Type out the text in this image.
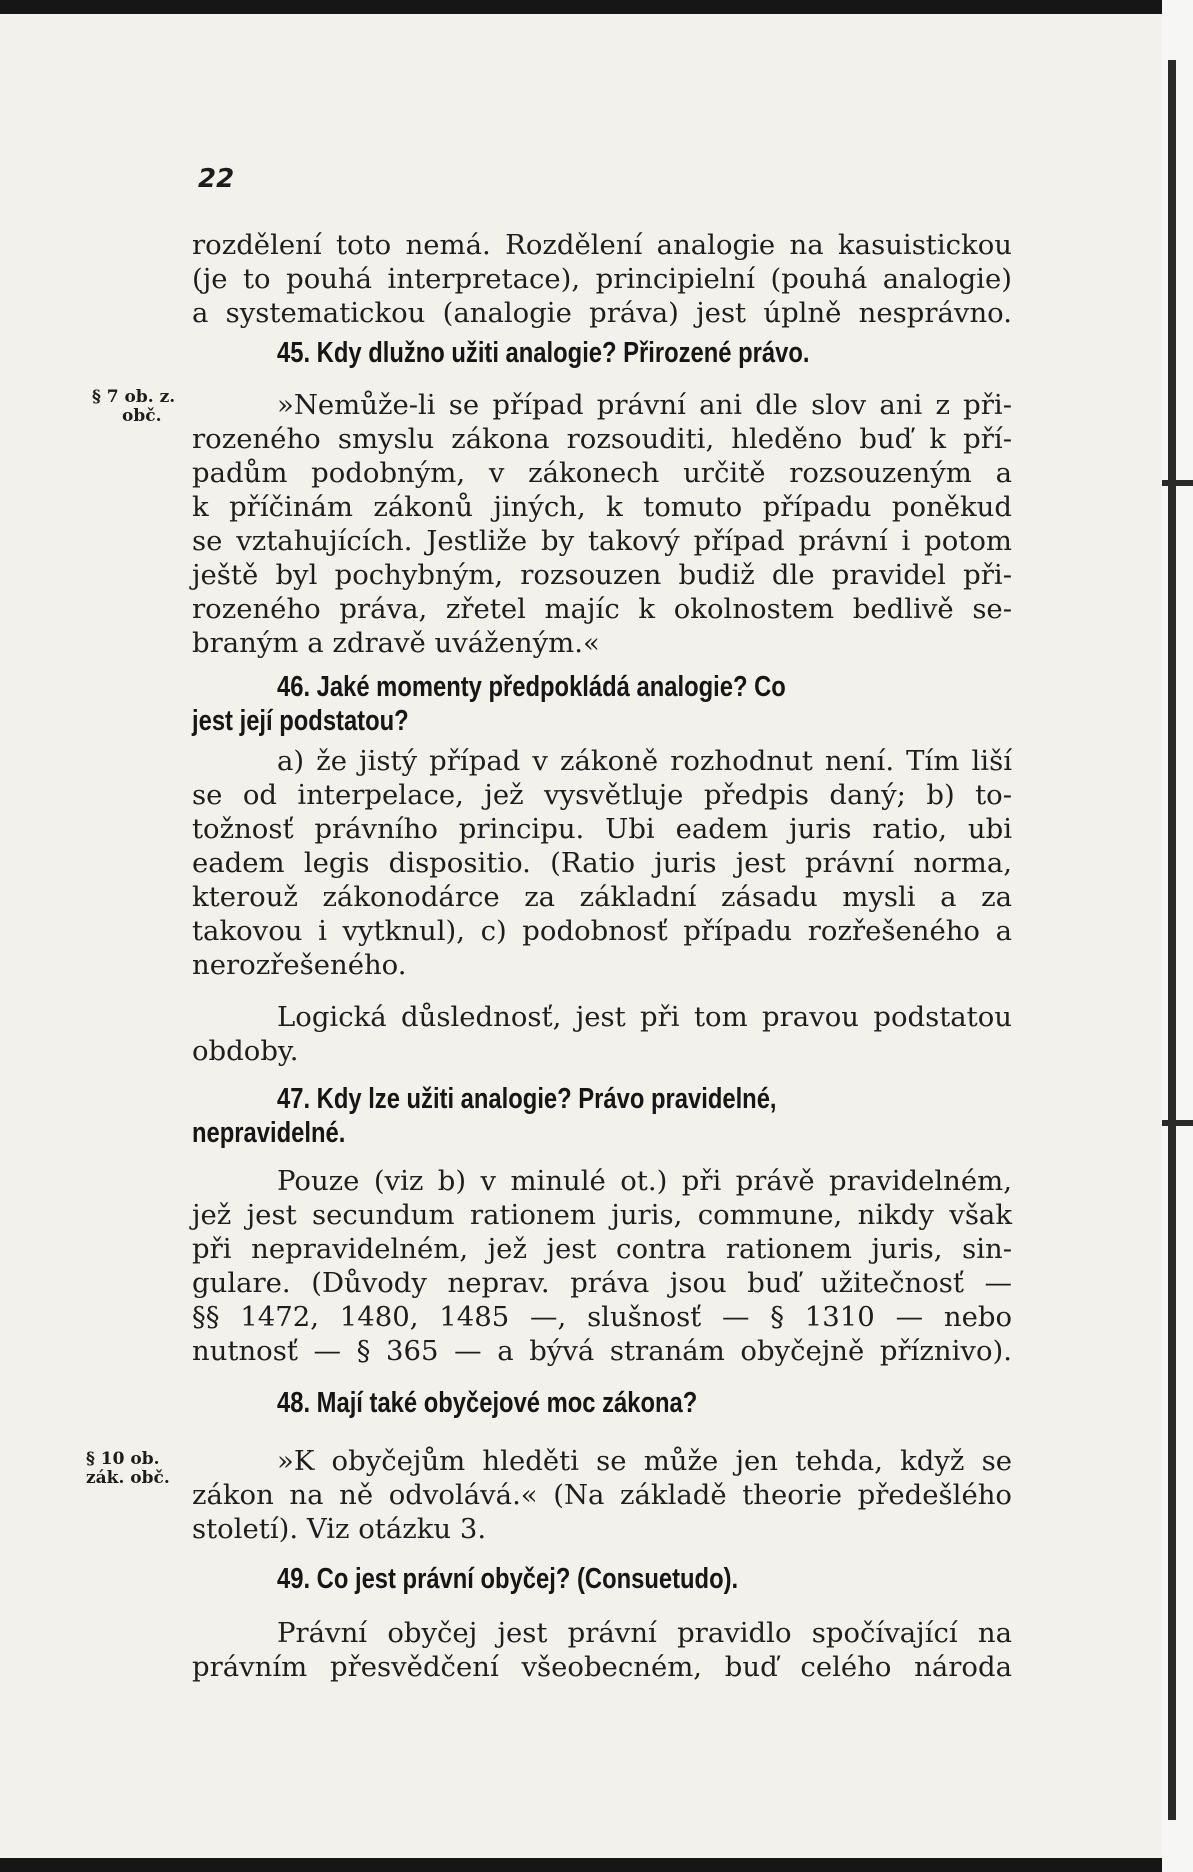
22
rozdělení toto nemá. Rozdělení analogie na kasuistickou
(je to pouhá interpretace), principielní (pouhá analogie)
a systematickou (analogie práva) jest úplně nesprávno.
45. Kdy dlužno užiti analogie? Přirozené právo.
§ 7 ob. z.
obč.	»Nemůže-li se případ právní ani dle slov ani z při-
rozeného smyslu zákona rozsouditi, hleděno buď k pří-
padům podobným, v zákonech určitě rozsouzeným a
k příčinám zákonů jiných, k tomuto případu poněkud
se vztahujících. Jestliže by takový případ právní i potom
ještě byl pochybným, rozsouzen budiž dle pravidel při-
rozeného práva, zřetel majíc k okolnostem bedlivě se-
braným a zdravě uváženým.«
46. Jaké momenty předpokládá analogie? Co
jest její podstatou?
a) že jistý případ v zákoně rozhodnut není. Tím liší
se od interpelace, jež vysvětluje předpis daný; b) to-
tožnosť právního principu. Ubi eadem juris ratio, ubi
eadem legis dispositio. (Ratio juris jest právní norma,
kterouž zákonodárce za základní zásadu mysli a za
takovou i vytknul), c) podobnosť případu rozřešeného a
nerozřešeného.
Logická důslednosť, jest při tom pravou podstatou
obdoby.
47. Kdy lze užiti analogie? Právo pravidelné,
nepravidelné.
Pouze (viz b) v minulé ot.) při právě pravidelném,
jež jest secundum rationem juris, commune, nikdy však
při nepravidelném, jež jest contra rationem juris, sin-
gulare. (Důvody neprav. práva jsou buď užitečnosť —
§§ 1472, 1480, 1485 —, slušnosť — § 1310 — nebo
nutnosť — § 365 — a bývá stranám obyčejně příznivo).
48. Mají také obyčejové moc zákona?
§ 10 ob.
zák. obč.
»K obyčejům hleděti se může jen tehda, když se
zákon na ně odvolává.« (Na základě theorie předešlého
století). Viz otázku 3.
49. Co jest právní obyčej? (Consuetudo).
Právní obyčej jest právní pravidlo spočívající na
právním přesvědčení všeobecném, buď celého národa
